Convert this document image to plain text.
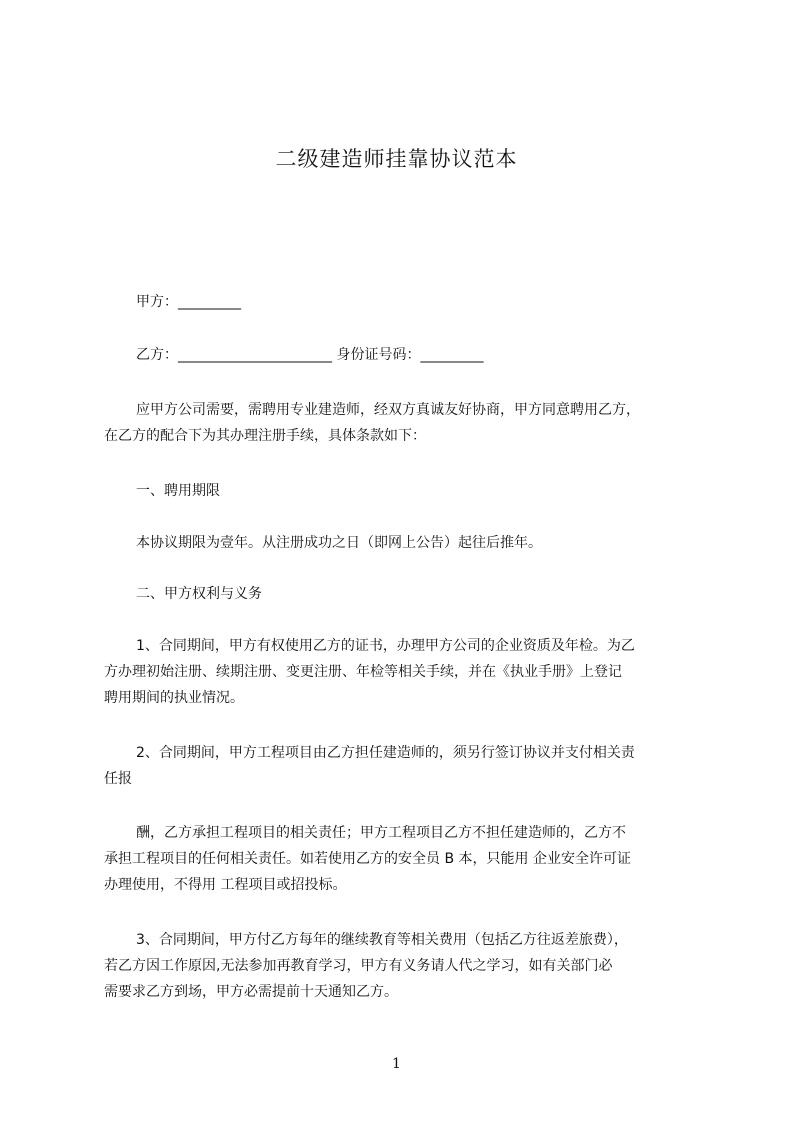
二级建造师挂靠协议范本
甲方：_________
乙方：______________________ 身份证号码：_________
应甲方公司需要，需聘用专业建造师，经双方真诚友好协商，甲方同意聘用乙方，
在乙方的配合下为其办理注册手续，具体条款如下：
一、聘用期限
本协议期限为壹年。从注册成功之日（即网上公告）起往后推年。
二、甲方权利与义务
1、合同期间，甲方有权使用乙方的证书，办理甲方公司的企业资质及年检。为乙
方办理初始注册、续期注册、变更注册、年检等相关手续，并在《执业手册》上登记
聘用期间的执业情况。
2、合同期间，甲方工程项目由乙方担任建造师的，须另行签订协议并支付相关责
任报
酬，乙方承担工程项目的相关责任；甲方工程项目乙方不担任建造师的，乙方不
承担工程项目的任何相关责任。如若使用乙方的安全员 B 本，只能用 企业安全许可证
办理使用，不得用 工程项目或招投标。
3、合同期间，甲方付乙方每年的继续教育等相关费用（包括乙方往返差旅费），
若乙方因工作原因,无法参加再教育学习，甲方有义务请人代之学习，如有关部门必
需要求乙方到场，甲方必需提前十天通知乙方。
1
